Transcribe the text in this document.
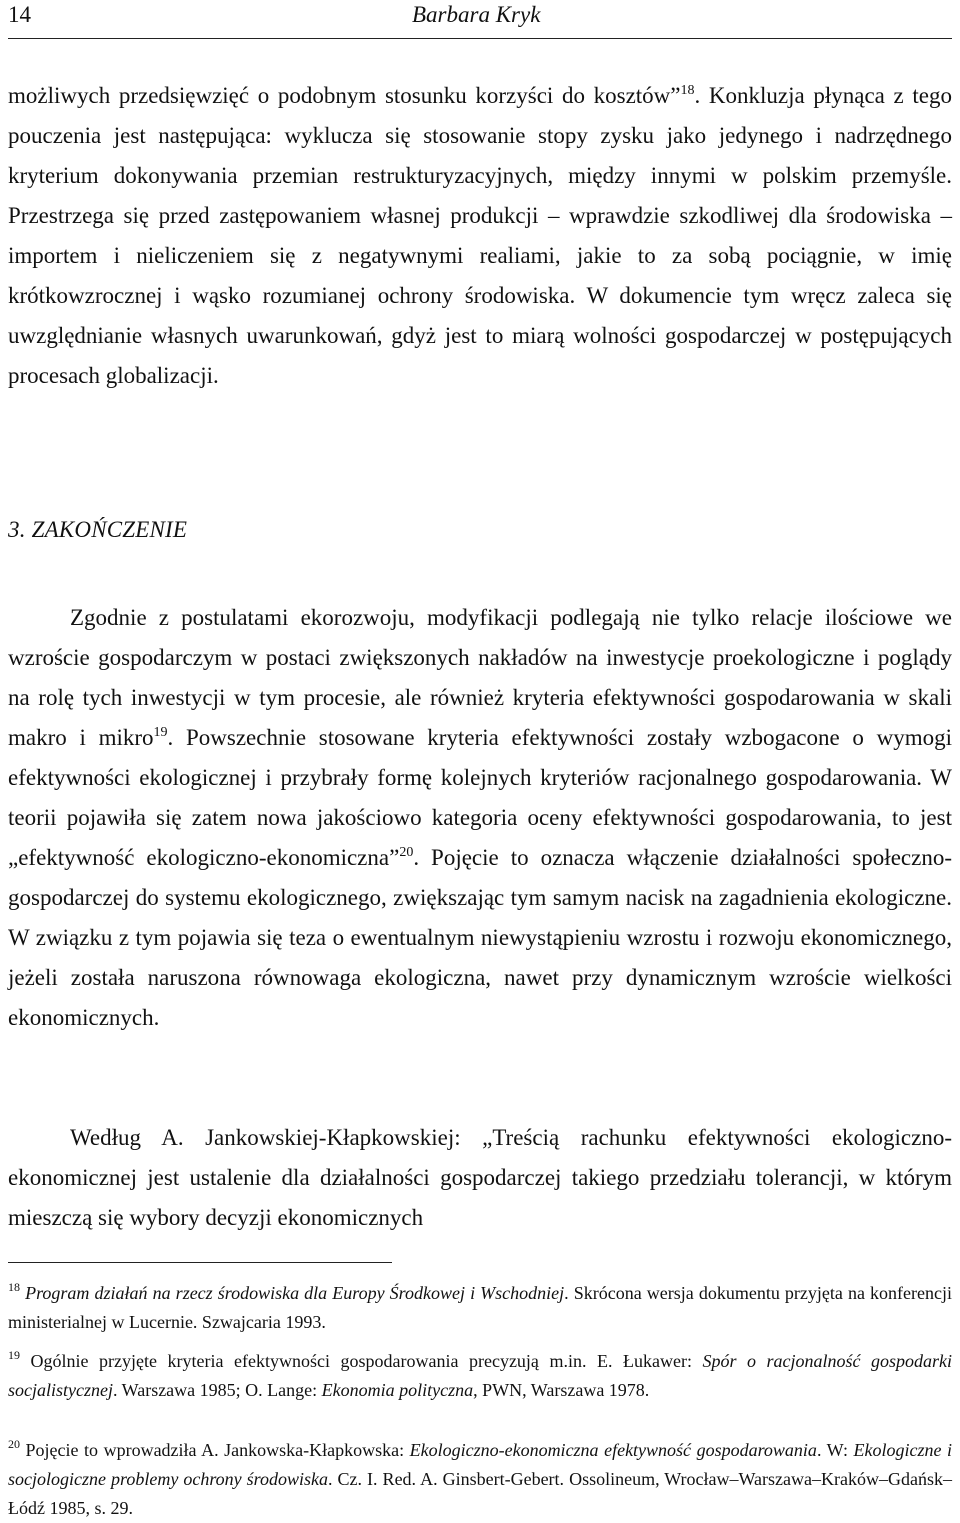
14	Barbara Kryk

możliwych przedsięwzięć o podobnym stosunku korzyści do kosztów”$^{18}$. Konkluzja płynąca z tego pouczenia jest następująca: wyklucza się stosowanie stopy zysku jako jedynego i nadrzędnego kryterium dokonywania przemian restrukturyzacyjnych, między innymi w polskim przemyśle. Przestrzega się przed zastępowaniem własnej produkcji – wprawdzie szkodliwej dla środowiska – importem i nieliczeniem się z negatywnymi realiami, jakie to za sobą pociągnie, w imię krótkowzrocznej i wąsko rozumianej ochrony środowiska. W dokumencie tym wręcz zaleca się uwzględnianie własnych uwarunkowań, gdyż jest to miarą wolności gospodarczej w postępujących procesach globalizacji.

3. ZAKOŃCZENIE

Zgodnie z postulatami ekorozwoju, modyfikacji podlegają nie tylko relacje ilościowe we wzroście gospodarczym w postaci zwiększonych nakładów na inwestycje proekologiczne i poglądy na rolę tych inwestycji w tym procesie, ale również kryteria efektywności gospodarowania w skali makro i mikro$^{19}$. Powszechnie stosowane kryteria efektywności zostały wzbogacone o wymogi efektywności ekologicznej i przybrały formę kolejnych kryteriów racjonalnego gospodarowania. W teorii pojawiła się zatem nowa jakościowo kategoria oceny efektywności gospodarowania, to jest „efektywność ekologiczno-ekonomiczna”$^{20}$. Pojęcie to oznacza włączenie działalności społeczno-gospodarczej do systemu ekologicznego, zwiększając tym samym nacisk na zagadnienia ekologiczne. W związku z tym pojawia się teza o ewentualnym niewystąpieniu wzrostu i rozwoju ekonomicznego, jeżeli została naruszona równowaga ekologiczna, nawet przy dynamicznym wzroście wielkości ekonomicznych.

Według A. Jankowskiej-Kłapkowskiej: „Treścią rachunku efektywności ekologiczno-ekonomicznej jest ustalenie dla działalności gospodarczej takiego przedziału tolerancji, w którym mieszczą się wybory decyzji ekonomicznych

$^{18}$ Program działań na rzecz środowiska dla Europy Środkowej i Wschodniej. Skrócona wersja dokumentu przyjęta na konferencji ministerialnej w Lucernie. Szwajcaria 1993.

$^{19}$ Ogólnie przyjęte kryteria efektywności gospodarowania precyzują m.in. E. Łukawer: Spór o racjonalność gospodarki socjalistycznej. Warszawa 1985; O. Lange: Ekonomia polityczna, PWN, Warszawa 1978.

$^{20}$ Pojęcie to wprowadziła A. Jankowska-Kłapkowska: Ekologiczno-ekonomiczna efektywność gospodarowania. W: Ekologiczne i socjologiczne problemy ochrony środowiska. Cz. I. Red. A. Ginsbert-Gebert. Ossolineum, Wrocław–Warszawa–Kraków–Gdańsk–Łódź 1985, s. 29.
